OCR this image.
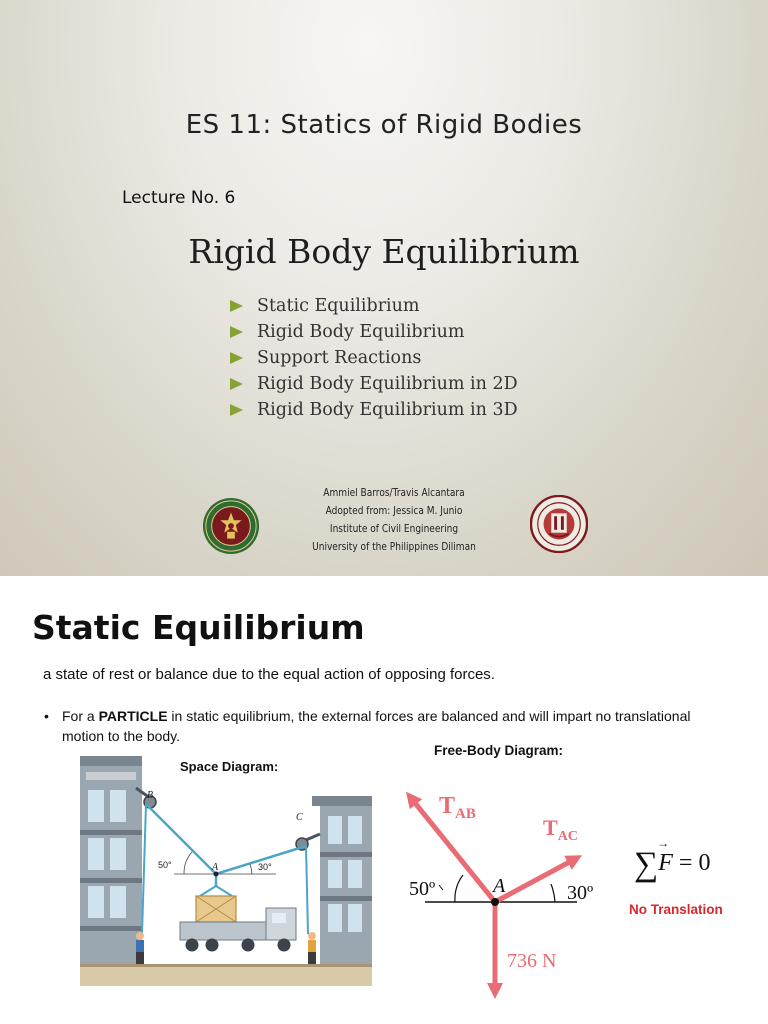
ES 11: Statics of Rigid Bodies
Lecture No. 6
Rigid Body Equilibrium
Static Equilibrium
Rigid Body Equilibrium
Support Reactions
Rigid Body Equilibrium in 2D
Rigid Body Equilibrium in 3D
Ammiel Barros/Travis Alcantara
Adopted from: Jessica M. Junio
Institute of Civil Engineering
University of the Philippines Diliman
Static Equilibrium
a state of rest or balance due to the equal action of opposing forces.
• For a PARTICLE in static equilibrium, the external forces are balanced and will impart no translational motion to the body.
Free-Body Diagram:
Space Diagram:
B
C
A
50°	30°
$T_{AB}$
$T_{AC}$
A
50º	30º
736 N
∑→ F = 0
No Translation
